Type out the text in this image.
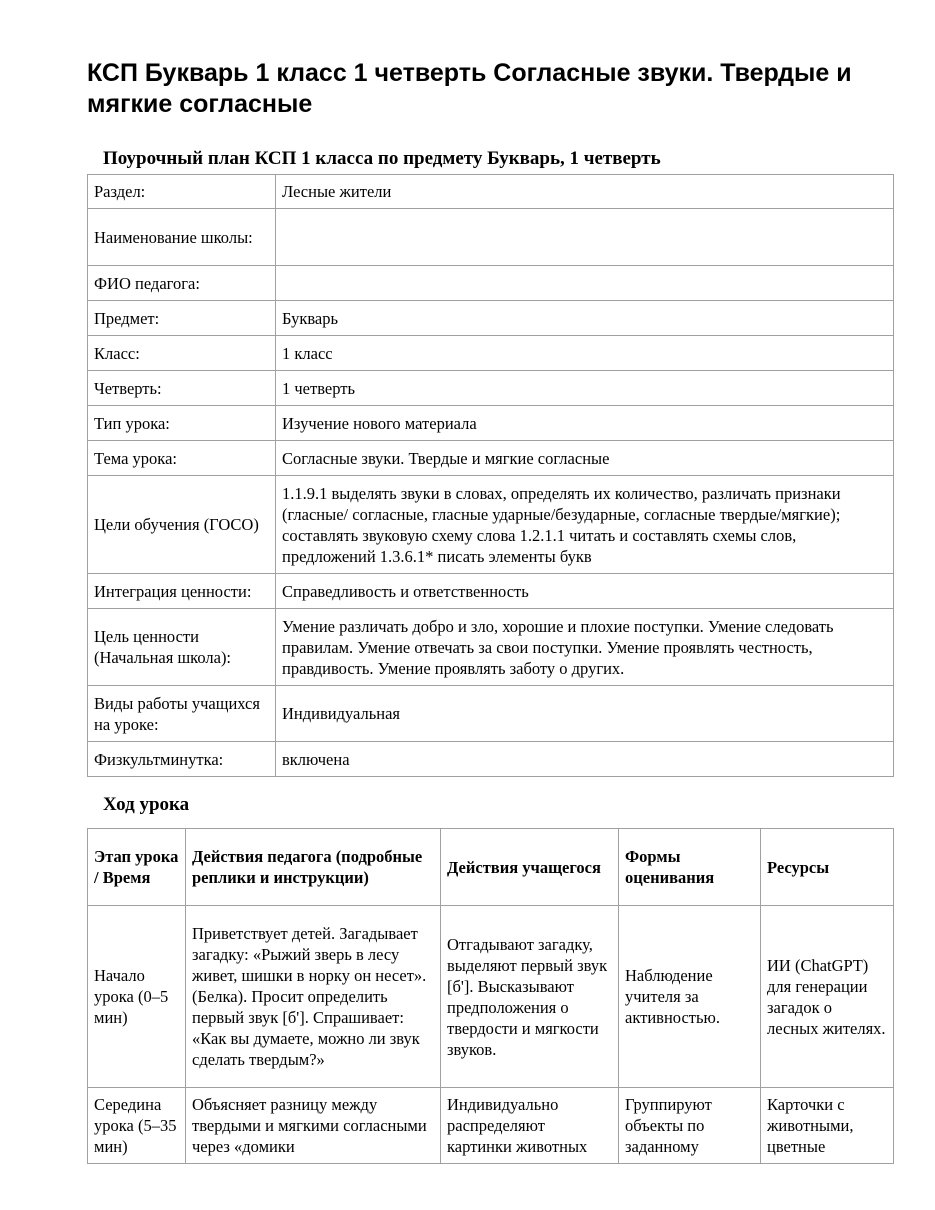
КСП Букварь 1 класс 1 четверть Согласные звуки. Твердые и мягкие согласные
Поурочный план КСП 1 класса по предмету Букварь, 1 четверть
Раздел:	Лесные жители
Наименование школы:	
ФИО педагога:	
Предмет:	Букварь
Класс:	1 класс
Четверть:	1 четверть
Тип урока:	Изучение нового материала
Тема урока:	Согласные звуки. Твердые и мягкие согласные
Цели обучения (ГОСО)	1.1.9.1 выделять звуки в словах, определять их количество, различать признаки (гласные/ согласные, гласные ударные/безударные, согласные твердые/мягкие); составлять звуковую схему слова 1.2.1.1 читать и составлять схемы слов, предложений 1.3.6.1* писать элементы букв
Интеграция ценности:	Справедливость и ответственность
Цель ценности (Начальная школа):	Умение различать добро и зло, хорошие и плохие поступки. Умение следовать правилам. Умение отвечать за свои поступки. Умение проявлять честность, правдивость. Умение проявлять заботу о других.
Виды работы учащихся на уроке:	Индивидуальная
Физкультминутка:	включена
Ход урока
Этап урока / Время	Действия педагога (подробные реплики и инструкции)	Действия учащегося	Формы оценивания	Ресурсы
Начало урока (0–5 мин)	Приветствует детей. Загадывает загадку: «Рыжий зверь в лесу живет, шишки в норку он несет». (Белка). Просит определить первый звук [б']. Спрашивает: «Как вы думаете, можно ли звук сделать твердым?»	Отгадывают загадку, выделяют первый звук [б']. Высказывают предположения о твердости и мягкости звуков.	Наблюдение учителя за активностью.	ИИ (ChatGPT) для генерации загадок о лесных жителях.
Середина урока (5–35 мин)	Объясняет разницу между твердыми и мягкими согласными через «домики	Индивидуально распределяют картинки животных	Группируют объекты по заданному	Карточки с животными, цветные
